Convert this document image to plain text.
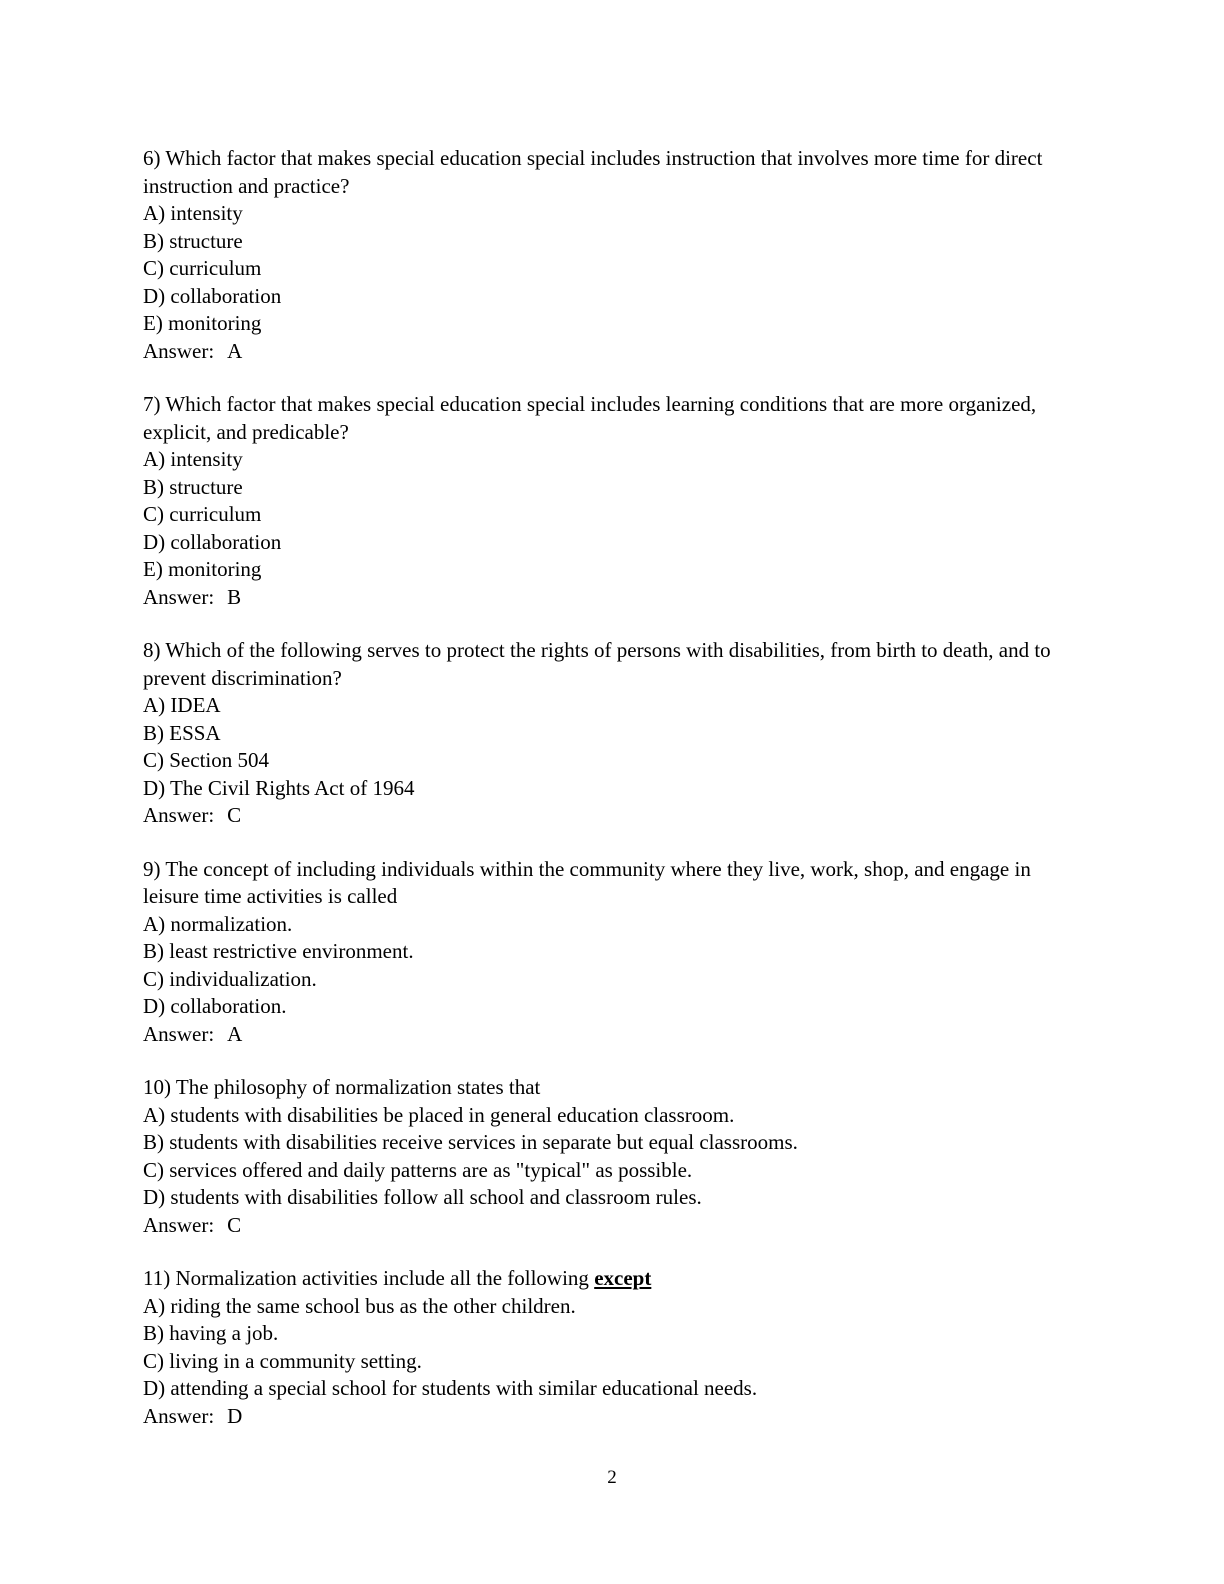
6) Which factor that makes special education special includes instruction that involves more time for direct instruction and practice?

A) intensity

B) structure

C) curriculum

D) collaboration

E) monitoring

Answer: A

7) Which factor that makes special education special includes learning conditions that are more organized, explicit, and predicable?

A) intensity

B) structure

C) curriculum

D) collaboration

E) monitoring

Answer: B

8) Which of the following serves to protect the rights of persons with disabilities, from birth to death, and to prevent discrimination?

A) IDEA

B) ESSA

C) Section 504

D) The Civil Rights Act of 1964

Answer: C

9) The concept of including individuals within the community where they live, work, shop, and engage in leisure time activities is called

A) normalization.

B) least restrictive environment.

C) individualization.

D) collaboration.

Answer: A

10) The philosophy of normalization states that

A) students with disabilities be placed in general education classroom.

B) students with disabilities receive services in separate but equal classrooms.

C) services offered and daily patterns are as "typical" as possible.

D) students with disabilities follow all school and classroom rules.

Answer: C

11) Normalization activities include all the following except

A) riding the same school bus as the other children.

B) having a job.

C) living in a community setting.

D) attending a special school for students with similar educational needs.

Answer: D

2
